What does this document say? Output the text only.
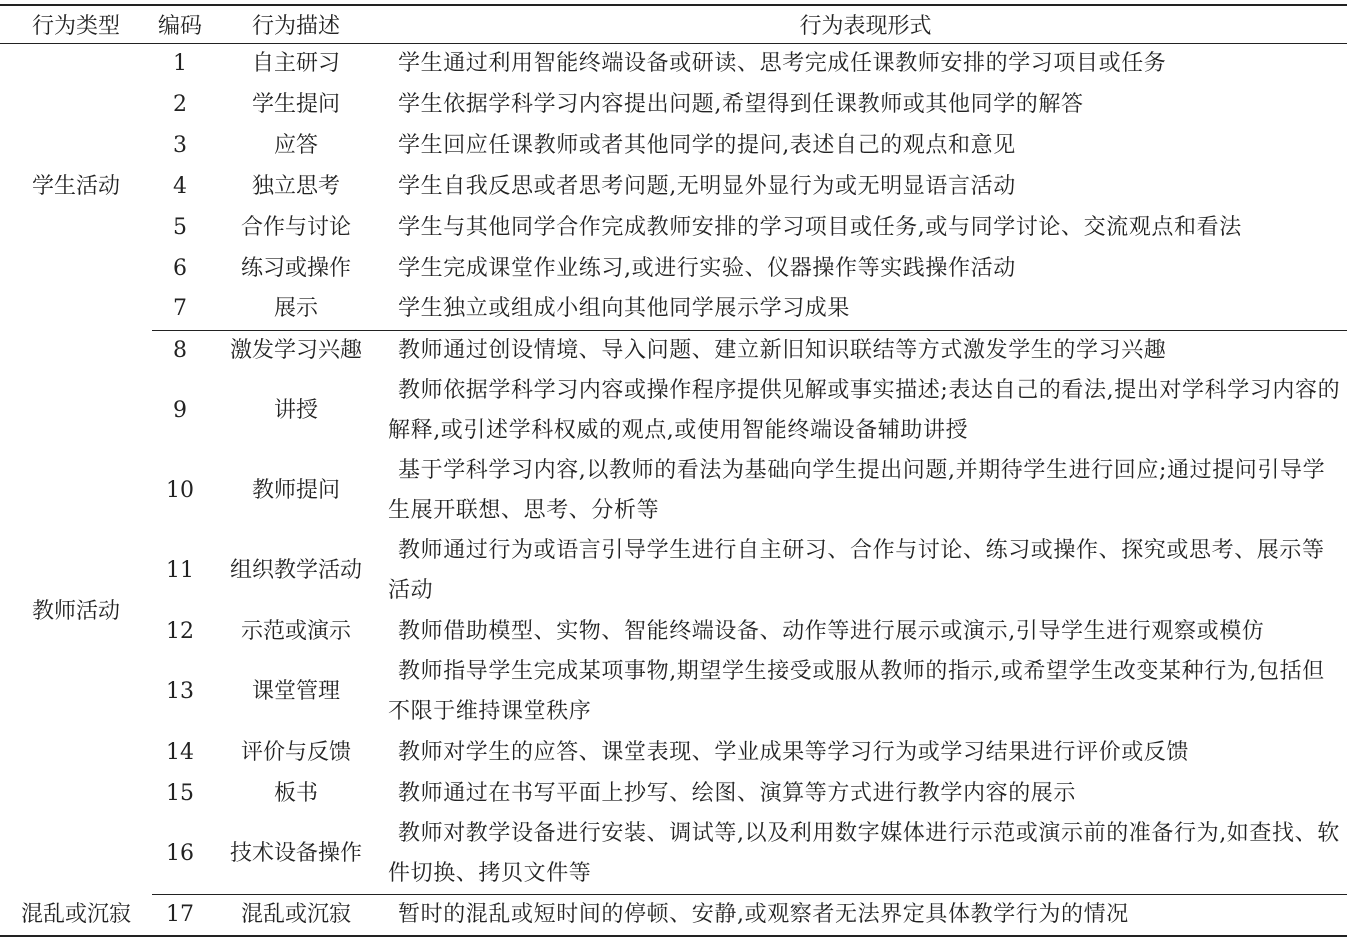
行为类型	编码	行为描述	行为表现形式
学生活动	1	自主研习	学生通过利用智能终端设备或研读、思考完成任课教师安排的学习项目或任务
	2	学生提问	学生依据学科学习内容提出问题,希望得到任课教师或其他同学的解答
	3	应答	学生回应任课教师或者其他同学的提问,表述自己的观点和意见
	4	独立思考	学生自我反思或者思考问题,无明显外显行为或无明显语言活动
	5	合作与讨论	学生与其他同学合作完成教师安排的学习项目或任务,或与同学讨论、交流观点和看法
	6	练习或操作	学生完成课堂作业练习,或进行实验、仪器操作等实践操作活动
	7	展示	学生独立或组成小组向其他同学展示学习成果
教师活动	8	激发学习兴趣	教师通过创设情境、导入问题、建立新旧知识联结等方式激发学生的学习兴趣
	9	讲授	教师依据学科学习内容或操作程序提供见解或事实描述;表达自己的看法,提出对学科学习内容的解释,或引述学科权威的观点,或使用智能终端设备辅助讲授
	10	教师提问	基于学科学习内容,以教师的看法为基础向学生提出问题,并期待学生进行回应;通过提问引导学生展开联想、思考、分析等
	11	组织教学活动	教师通过行为或语言引导学生进行自主研习、合作与讨论、练习或操作、探究或思考、展示等活动
	12	示范或演示	教师借助模型、实物、智能终端设备、动作等进行展示或演示,引导学生进行观察或模仿
	13	课堂管理	教师指导学生完成某项事物,期望学生接受或服从教师的指示,或希望学生改变某种行为,包括但不限于维持课堂秩序
	14	评价与反馈	教师对学生的应答、课堂表现、学业成果等学习行为或学习结果进行评价或反馈
	15	板书	教师通过在书写平面上抄写、绘图、演算等方式进行教学内容的展示
	16	技术设备操作	教师对教学设备进行安装、调试等,以及利用数字媒体进行示范或演示前的准备行为,如查找、软件切换、拷贝文件等
混乱或沉寂	17	混乱或沉寂	暂时的混乱或短时间的停顿、安静,或观察者无法界定具体教学行为的情况
